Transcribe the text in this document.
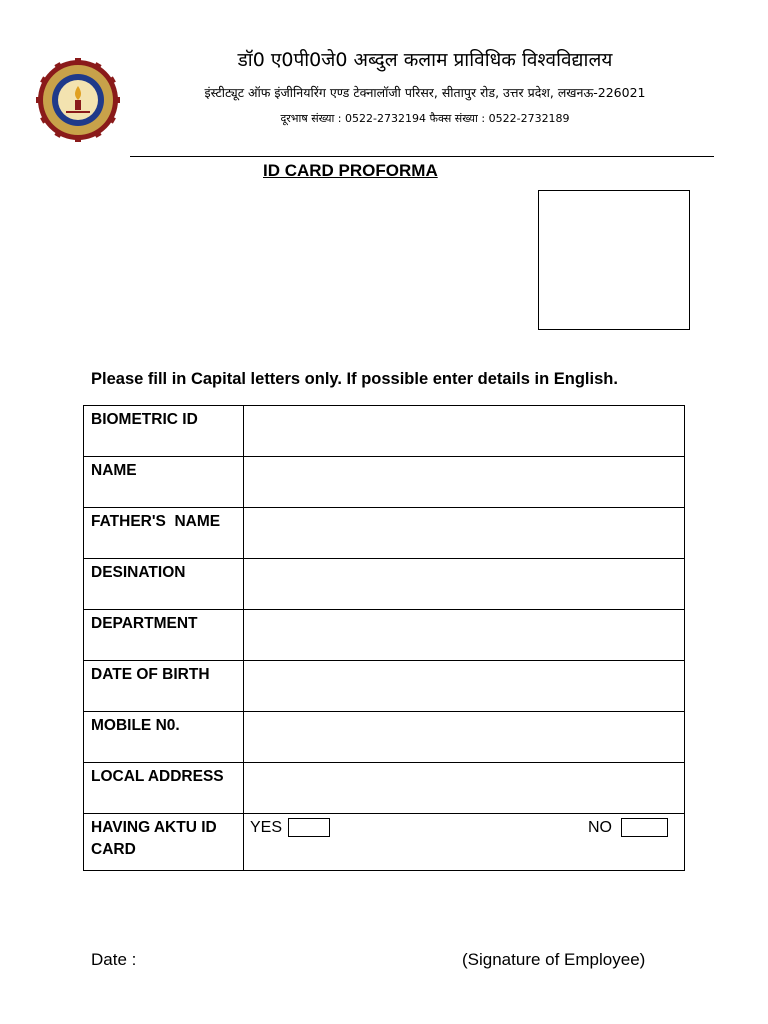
डॉ0 ए0पी0जे0 अब्दुल कलाम प्राविधिक विश्वविद्यालय
इंस्टीट्यूट ऑफ इंजीनियरिंग एण्ड टेक्नालॉजी परिसर, सीतापुर रोड, उत्तर प्रदेश, लखनऊ-226021
दूरभाष संख्या : 0522-2732194 फैक्स संख्या : 0522-2732189
ID CARD PROFORMA
Please fill in Capital letters only. If possible enter details in English.
BIOMETRIC ID	
NAME	
FATHER'S  NAME	
DESINATION	
DEPARTMENT	
DATE OF BIRTH	
MOBILE N0.	
LOCAL ADDRESS	
HAVING AKTU ID CARD	YES NO
Date :	(Signature of Employee)
